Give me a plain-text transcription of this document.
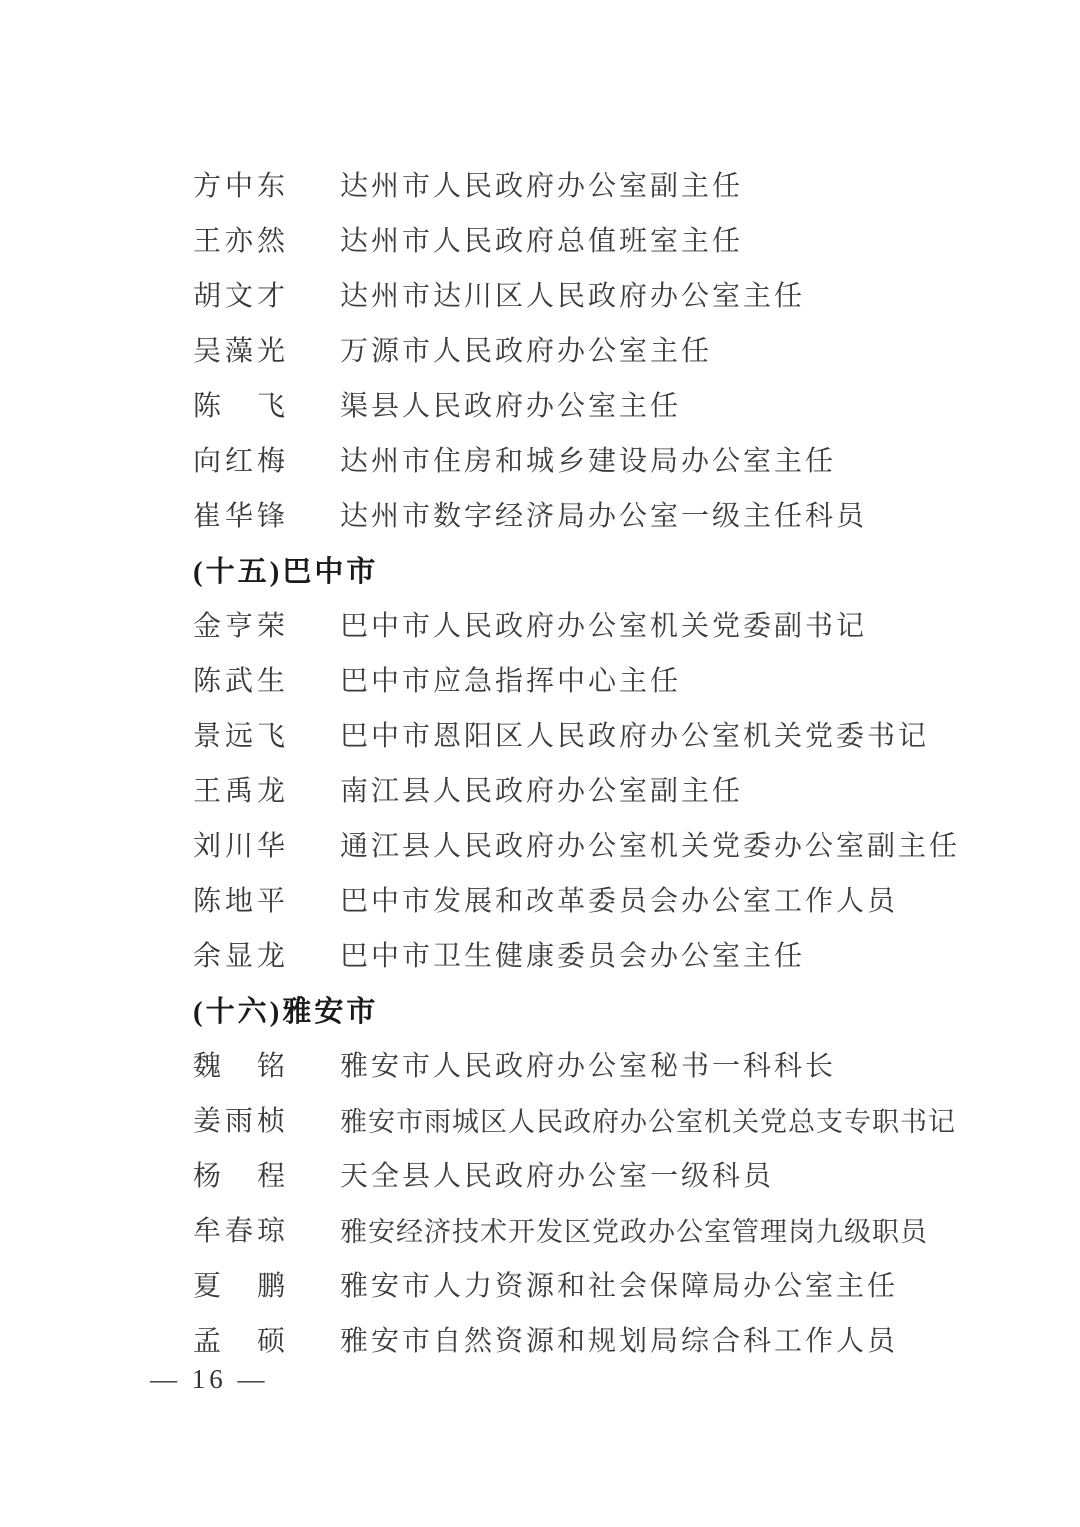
方中东 达州市人民政府办公室副主任
王亦然 达州市人民政府总值班室主任
胡文才 达州市达川区人民政府办公室主任
吴藻光 万源市人民政府办公室主任
陈　飞 渠县人民政府办公室主任
向红梅 达州市住房和城乡建设局办公室主任
崔华锋 达州市数字经济局办公室一级主任科员
(十五)巴中市
金亨荣 巴中市人民政府办公室机关党委副书记
陈武生 巴中市应急指挥中心主任
景远飞 巴中市恩阳区人民政府办公室机关党委书记
王禹龙 南江县人民政府办公室副主任
刘川华 通江县人民政府办公室机关党委办公室副主任
陈地平 巴中市发展和改革委员会办公室工作人员
余显龙 巴中市卫生健康委员会办公室主任
(十六)雅安市
魏　铭 雅安市人民政府办公室秘书一科科长
姜雨桢 雅安市雨城区人民政府办公室机关党总支专职书记
杨　程 天全县人民政府办公室一级科员
牟春琼 雅安经济技术开发区党政办公室管理岗九级职员
夏　鹏 雅安市人力资源和社会保障局办公室主任
孟　硕 雅安市自然资源和规划局综合科工作人员
— 16 —
